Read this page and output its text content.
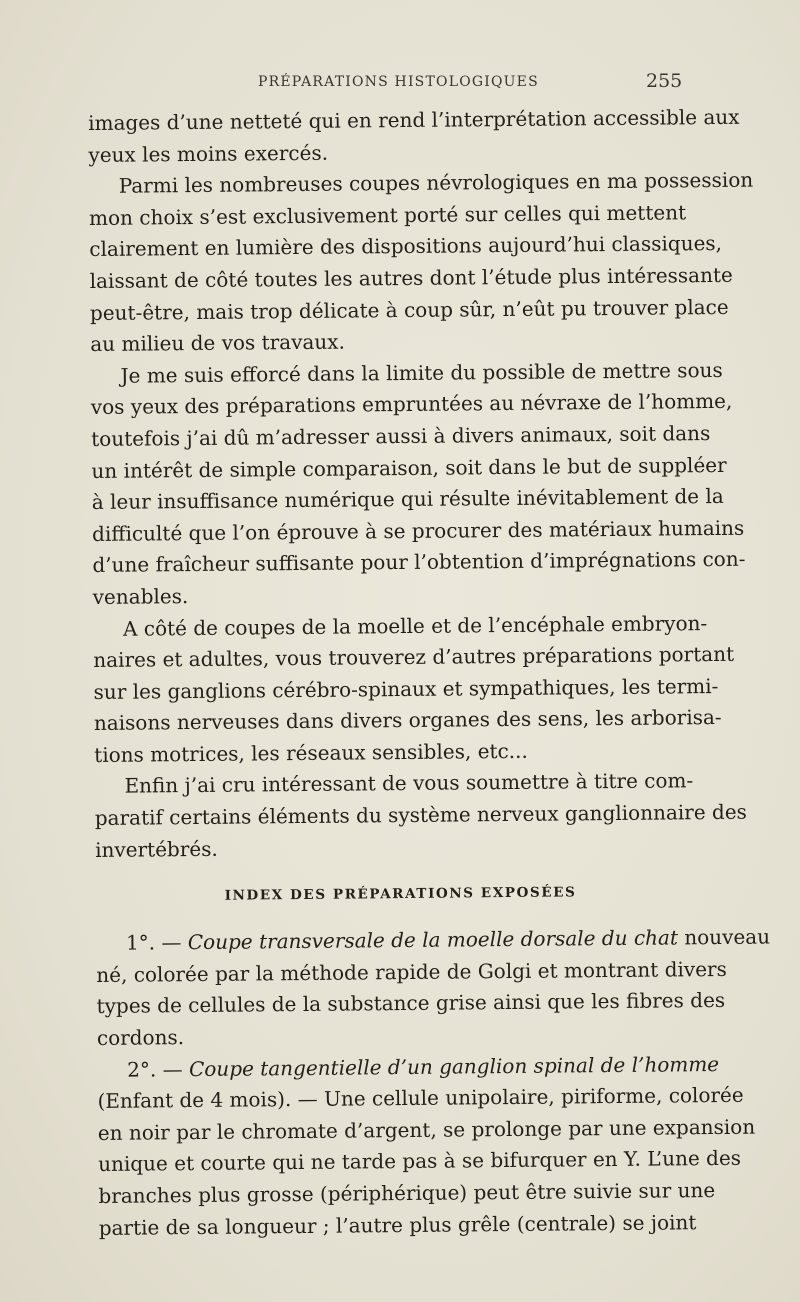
PRÉPARATIONS HISTOLOGIQUES	255
images d’une netteté qui en rend l’interprétation accessible aux
yeux les moins exercés.
Parmi les nombreuses coupes névrologiques en ma possession
mon choix s’est exclusivement porté sur celles qui mettent
clairement en lumière des dispositions aujourd’hui classiques,
laissant de côté toutes les autres dont l’étude plus intéressante
peut-être, mais trop délicate à coup sûr, n’eût pu trouver place
au milieu de vos travaux.
Je me suis efforcé dans la limite du possible de mettre sous
vos yeux des préparations empruntées au névraxe de l’homme,
toutefois j’ai dû m’adresser aussi à divers animaux, soit dans
un intérêt de simple comparaison, soit dans le but de suppléer
à leur insuffisance numérique qui résulte inévitablement de la
difficulté que l’on éprouve à se procurer des matériaux humains
d’une fraîcheur suffisante pour l’obtention d’imprégnations con-
venables.
A côté de coupes de la moelle et de l’encéphale embryon-
naires et adultes, vous trouverez d’autres préparations portant
sur les ganglions cérébro-spinaux et sympathiques, les termi-
naisons nerveuses dans divers organes des sens, les arborisa-
tions motrices, les réseaux sensibles, etc...
Enfin j’ai cru intéressant de vous soumettre à titre com-
paratif certains éléments du système nerveux ganglionnaire des
invertébrés.
INDEX DES PRÉPARATIONS EXPOSÉES
1°. — Coupe transversale de la moelle dorsale du chat nouveau
né, colorée par la méthode rapide de Golgi et montrant divers
types de cellules de la substance grise ainsi que les fibres des
cordons.
2°. — Coupe tangentielle d’un ganglion spinal de l’homme
(Enfant de 4 mois). — Une cellule unipolaire, piriforme, colorée
en noir par le chromate d’argent, se prolonge par une expansion
unique et courte qui ne tarde pas à se bifurquer en Y. L’une des
branches plus grosse (périphérique) peut être suivie sur une
partie de sa longueur ; l’autre plus grêle (centrale) se joint
